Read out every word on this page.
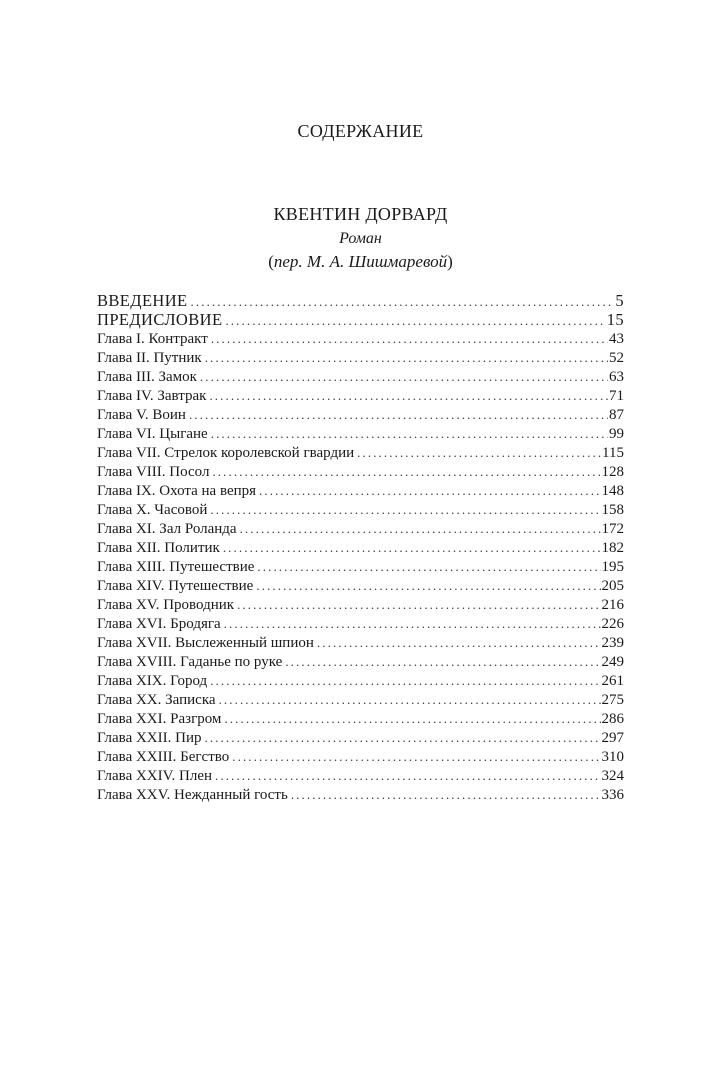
СОДЕРЖАНИЕ
КВЕНТИН ДОРВАРД
Роман
(пер. М. А. Шишмаревой)
ВВЕДЕНИЕ .....	5
ПРЕДИСЛОВИЕ .....	15
Глава I. Контракт .....	43
Глава II. Путник .....	52
Глава III. Замок .....	63
Глава IV. Завтрак .....	71
Глава V. Воин .....	87
Глава VI. Цыгане .....	99
Глава VII. Стрелок королевской гвардии .....	115
Глава VIII. Посол .....	128
Глава IX. Охота на вепря .....	148
Глава X. Часовой .....	158
Глава XI. Зал Роланда .....	172
Глава XII. Политик .....	182
Глава XIII. Путешествие .....	195
Глава XIV. Путешествие .....	205
Глава XV. Проводник .....	216
Глава XVI. Бродяга .....	226
Глава XVII. Выслеженный шпион .....	239
Глава XVIII. Гаданье по руке .....	249
Глава XIX. Город .....	261
Глава XX. Записка .....	275
Глава XXI. Разгром .....	286
Глава XXII. Пир .....	297
Глава XXIII. Бегство .....	310
Глава XXIV. Плен .....	324
Глава XXV. Нежданный гость .....	336
